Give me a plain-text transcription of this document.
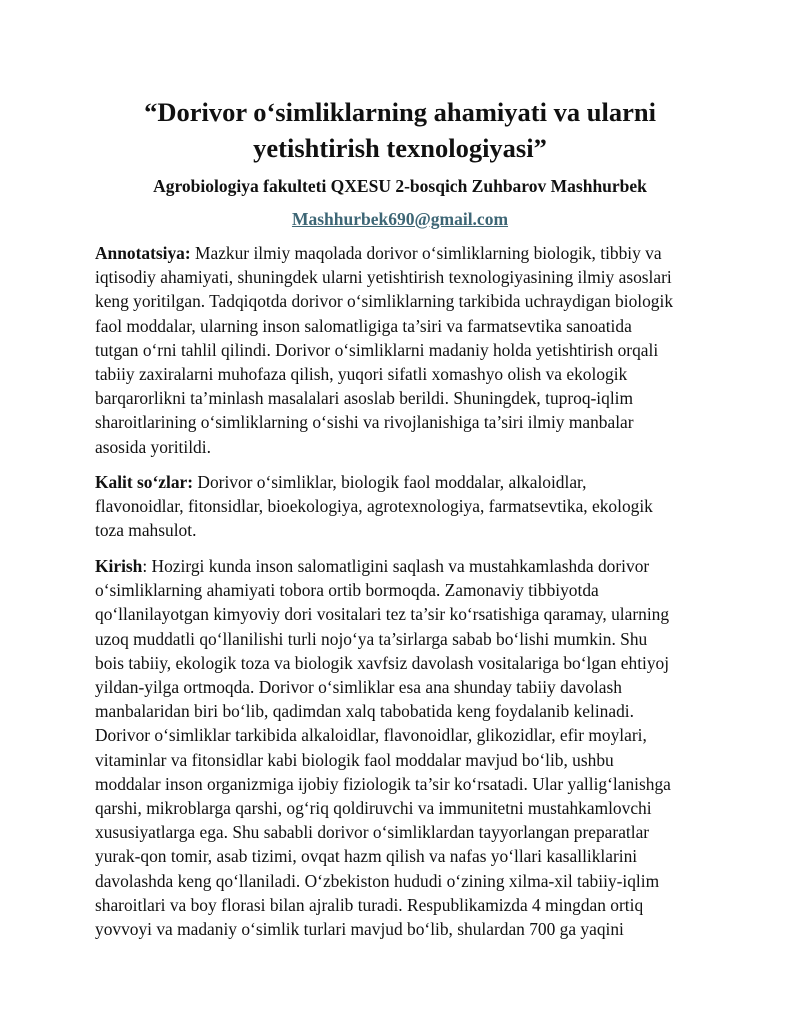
“Dorivor o‘simliklarning ahamiyati va ularni
yetishtirish texnologiyasi”

Agrobiologiya fakulteti QXESU 2-bosqich Zuhbarov Mashhurbek

Mashhurbek690@gmail.com

Annotatsiya: Mazkur ilmiy maqolada dorivor o‘simliklarning biologik, tibbiy va
iqtisodiy ahamiyati, shuningdek ularni yetishtirish texnologiyasining ilmiy asoslari
keng yoritilgan. Tadqiqotda dorivor o‘simliklarning tarkibida uchraydigan biologik
faol moddalar, ularning inson salomatligiga ta’siri va farmatsevtika sanoatida
tutgan o‘rni tahlil qilindi. Dorivor o‘simliklarni madaniy holda yetishtirish orqali
tabiiy zaxiralarni muhofaza qilish, yuqori sifatli xomashyo olish va ekologik
barqarorlikni ta’minlash masalalari asoslab berildi. Shuningdek, tuproq-iqlim
sharoitlarining o‘simliklarning o‘sishi va rivojlanishiga ta’siri ilmiy manbalar
asosida yoritildi.

Kalit so‘zlar: Dorivor o‘simliklar, biologik faol moddalar, alkaloidlar,
flavonoidlar, fitonsidlar, bioekologiya, agrotexnologiya, farmatsevtika, ekologik
toza mahsulot.

Kirish: Hozirgi kunda inson salomatligini saqlash va mustahkamlashda dorivor
o‘simliklarning ahamiyati tobora ortib bormoqda. Zamonaviy tibbiyotda
qo‘llanilayotgan kimyoviy dori vositalari tez ta’sir ko‘rsatishiga qaramay, ularning
uzoq muddatli qo‘llanilishi turli nojo‘ya ta’sirlarga sabab bo‘lishi mumkin. Shu
bois tabiiy, ekologik toza va biologik xavfsiz davolash vositalariga bo‘lgan ehtiyoj
yildan-yilga ortmoqda. Dorivor o‘simliklar esa ana shunday tabiiy davolash
manbalaridan biri bo‘lib, qadimdan xalq tabobatida keng foydalanib kelinadi.
Dorivor o‘simliklar tarkibida alkaloidlar, flavonoidlar, glikozidlar, efir moylari,
vitaminlar va fitonsidlar kabi biologik faol moddalar mavjud bo‘lib, ushbu
moddalar inson organizmiga ijobiy fiziologik ta’sir ko‘rsatadi. Ular yallig‘lanishga
qarshi, mikroblarga qarshi, og‘riq qoldiruvchi va immunitetni mustahkamlovchi
xususiyatlarga ega. Shu sababli dorivor o‘simliklardan tayyorlangan preparatlar
yurak-qon tomir, asab tizimi, ovqat hazm qilish va nafas yo‘llari kasalliklarini
davolashda keng qo‘llaniladi. O‘zbekiston hududi o‘zining xilma-xil tabiiy-iqlim
sharoitlari va boy florasi bilan ajralib turadi. Respublikamizda 4 mingdan ortiq
yovvoyi va madaniy o‘simlik turlari mavjud bo‘lib, shulardan 700 ga yaqini
